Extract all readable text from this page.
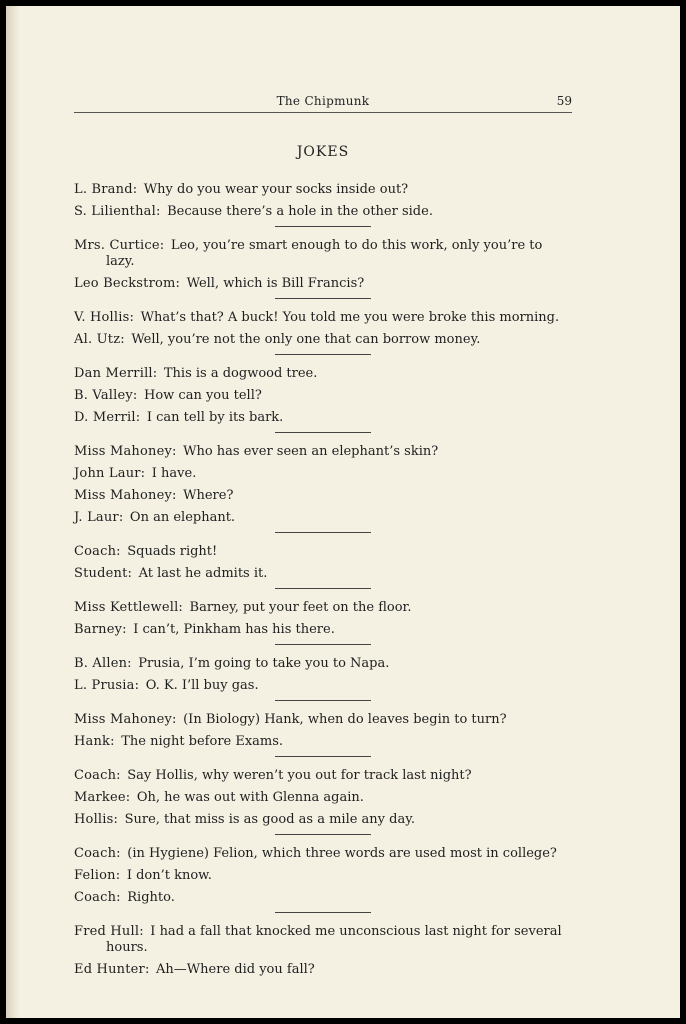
The Chipmunk	59
JOKES
L. Brand:  Why do you wear your socks inside out?
S. Lilienthal:  Because there’s a hole in the other side.
Mrs. Curtice:  Leo, you’re smart enough to do this work, only you’re to lazy.
Leo Beckstrom:  Well, which is Bill Francis?
V. Hollis:  What’s that? A buck! You told me you were broke this morning.
Al. Utz:  Well, you’re not the only one that can borrow money.
Dan Merrill:  This is a dogwood tree.
B. Valley:  How can you tell?
D. Merril:  I can tell by its bark.
Miss Mahoney:  Who has ever seen an elephant’s skin?
John Laur:  I have.
Miss Mahoney:  Where?
J. Laur:  On an elephant.
Coach:  Squads right!
Student:  At last he admits it.
Miss Kettlewell:  Barney, put your feet on the floor.
Barney:  I can’t, Pinkham has his there.
B. Allen:  Prusia, I’m going to take you to Napa.
L. Prusia:  O. K. I’ll buy gas.
Miss Mahoney:  (In Biology) Hank, when do leaves begin to turn?
Hank:  The night before Exams.
Coach:  Say Hollis, why weren’t you out for track last night?
Markee:  Oh, he was out with Glenna again.
Hollis:  Sure, that miss is as good as a mile any day.
Coach:  (in Hygiene) Felion, which three words are used most in college?
Felion:  I don’t know.
Coach:  Righto.
Fred Hull:  I had a fall that knocked me unconscious last night for several hours.
Ed Hunter:  Ah—Where did you fall?
